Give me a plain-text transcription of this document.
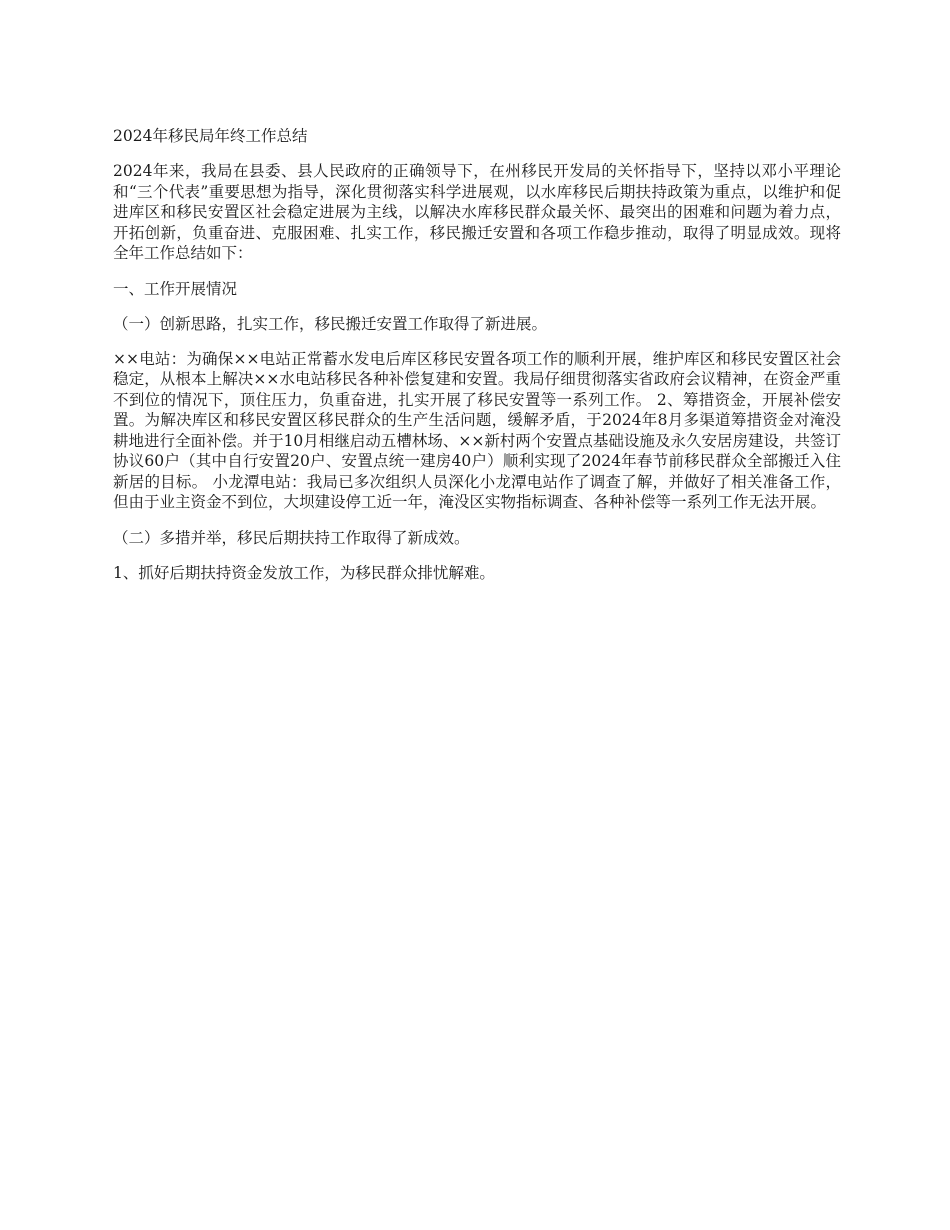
2024年移民局年终工作总结
2024年来，我局在县委、县人民政府的正确领导下，在州移民开发局的关怀指导下，坚持以邓小平理论和“三个代表”重要思想为指导，深化贯彻落实科学进展观，以水库移民后期扶持政策为重点，以维护和促进库区和移民安置区社会稳定进展为主线，以解决水库移民群众最关怀、最突出的困难和问题为着力点，开拓创新，负重奋进、克服困难、扎实工作，移民搬迁安置和各项工作稳步推动，取得了明显成效。现将全年工作总结如下：
一、工作开展情况
（一）创新思路，扎实工作，移民搬迁安置工作取得了新进展。
××电站：为确保××电站正常蓄水发电后库区移民安置各项工作的顺利开展，维护库区和移民安置区社会稳定，从根本上解决××水电站移民各种补偿复建和安置。我局仔细贯彻落实省政府会议精神，在资金严重不到位的情况下，顶住压力，负重奋进，扎实开展了移民安置等一系列工作。 2、筹措资金，开展补偿安置。为解决库区和移民安置区移民群众的生产生活问题，缓解矛盾，于2024年8月多渠道筹措资金对淹没耕地进行全面补偿。并于10月相继启动五槽林场、××新村两个安置点基础设施及永久安居房建设，共签订协议60户（其中自行安置20户、安置点统一建房40户）顺利实现了2024年春节前移民群众全部搬迁入住新居的目标。 小龙潭电站：我局已多次组织人员深化小龙潭电站作了调查了解，并做好了相关准备工作，但由于业主资金不到位，大坝建设停工近一年，淹没区实物指标调查、各种补偿等一系列工作无法开展。
（二）多措并举，移民后期扶持工作取得了新成效。
1、抓好后期扶持资金发放工作，为移民群众排忧解难。
